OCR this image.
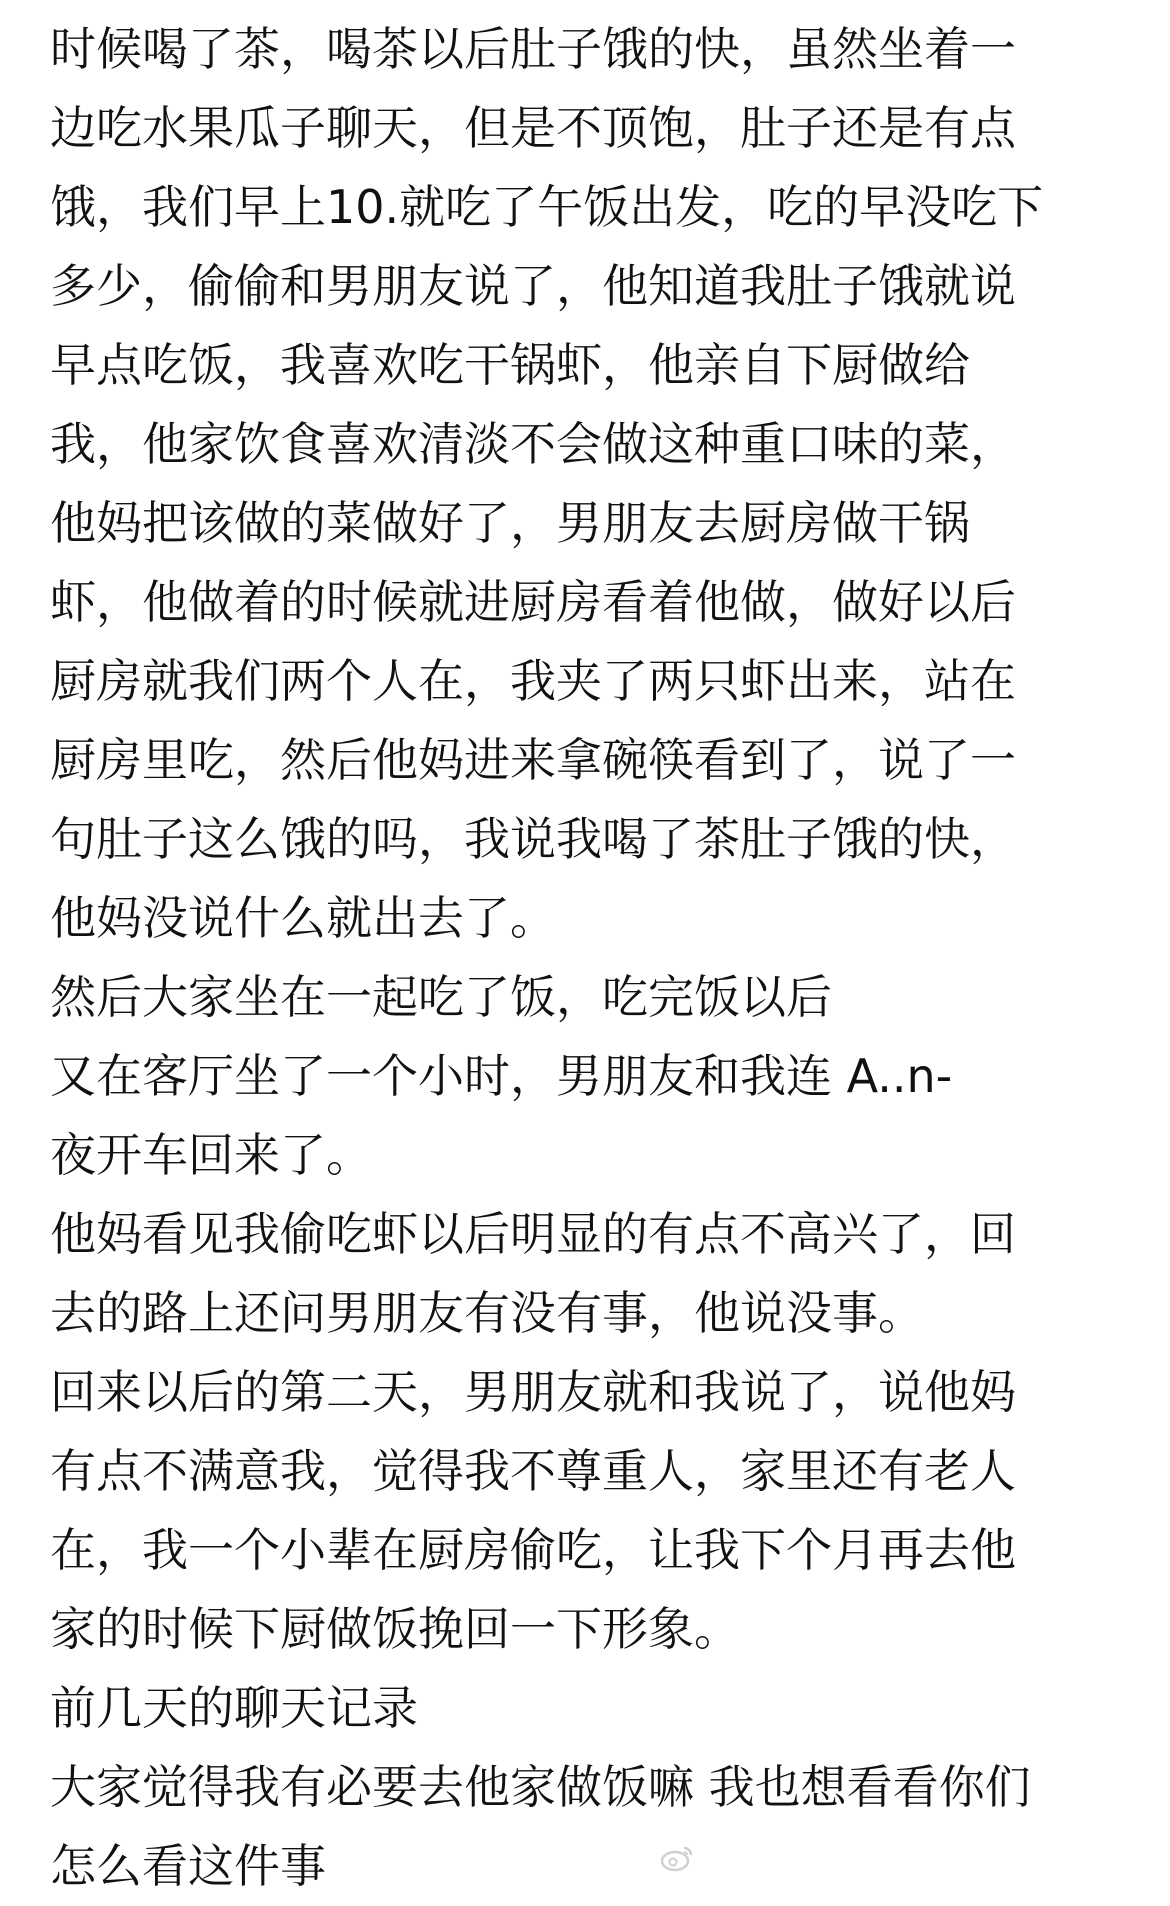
时候喝了茶，喝茶以后肚子饿的快，虽然坐着一
边吃水果瓜子聊天，但是不顶饱，肚子还是有点
饿，我们早上10.就吃了午饭出发，吃的早没吃下
多少，偷偷和男朋友说了，他知道我肚子饿就说
早点吃饭，我喜欢吃干锅虾，他亲自下厨做给
我，他家饮食喜欢清淡不会做这种重口味的菜，
他妈把该做的菜做好了，男朋友去厨房做干锅
虾，他做着的时候就进厨房看着他做，做好以后
厨房就我们两个人在，我夹了两只虾出来，站在
厨房里吃，然后他妈进来拿碗筷看到了，说了一
句肚子这么饿的吗，我说我喝了茶肚子饿的快，
他妈没说什么就出去了。
然后大家坐在一起吃了饭，吃完饭以后
又在客厅坐了一个小时，男朋友和我连 A..n-
夜开车回来了。
他妈看见我偷吃虾以后明显的有点不高兴了，回
去的路上还问男朋友有没有事，他说没事。
回来以后的第二天，男朋友就和我说了，说他妈
有点不满意我，觉得我不尊重人，家里还有老人
在，我一个小辈在厨房偷吃，让我下个月再去他
家的时候下厨做饭挽回一下形象。
前几天的聊天记录
大家觉得我有必要去他家做饭嘛 我也想看看你们
怎么看这件事
